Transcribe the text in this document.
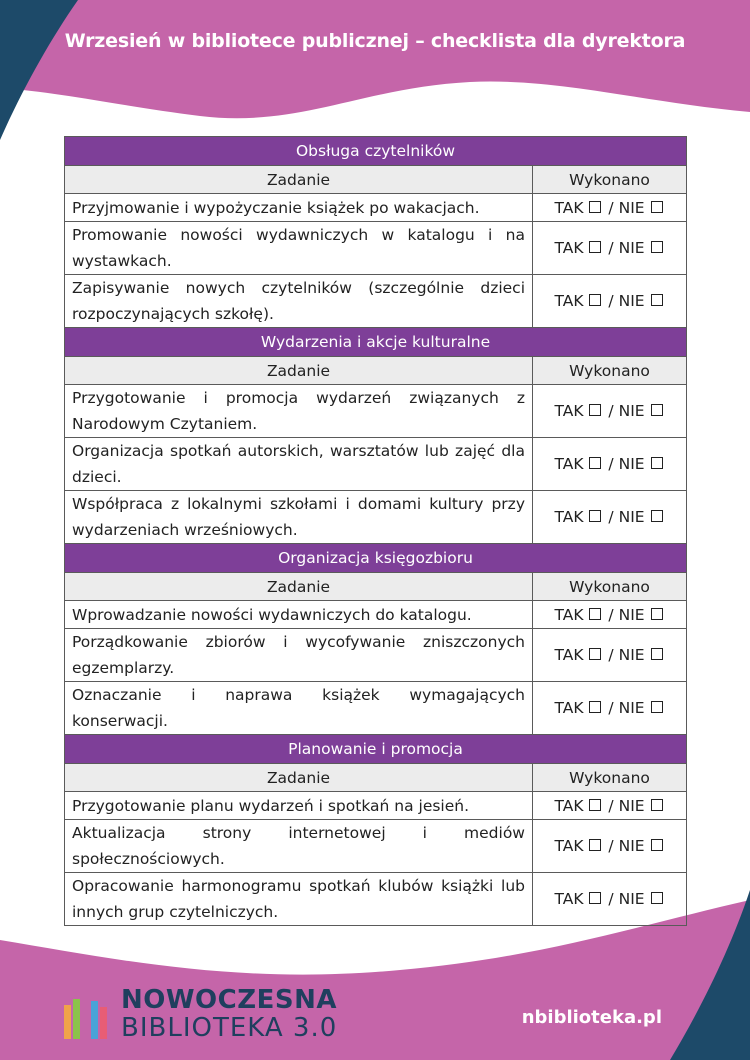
Wrzesień w bibliotece publicznej – checklista dla dyrektora
Obsługa czytelników	
Zadanie	Wykonano
Przyjmowanie i wypożyczanie książek po wakacjach.	TAK / NIE
Promowanie nowości wydawniczych w katalogu i na wystawkach.	TAK / NIE
Zapisywanie nowych czytelników (szczególnie dzieci rozpoczynających szkołę).	TAK / NIE
Wydarzenia i akcje kulturalne	
Zadanie	Wykonano
Przygotowanie i promocja wydarzeń związanych z Narodowym Czytaniem.	TAK / NIE
Organizacja spotkań autorskich, warsztatów lub zajęć dla dzieci.	TAK / NIE
Współpraca z lokalnymi szkołami i domami kultury przy wydarzeniach wrześniowych.	TAK / NIE
Organizacja księgozbioru	
Zadanie	Wykonano
Wprowadzanie nowości wydawniczych do katalogu.	TAK / NIE
Porządkowanie zbiorów i wycofywanie zniszczonych egzemplarzy.	TAK / NIE
Oznaczanie i naprawa książek wymagających konserwacji.	TAK / NIE
Planowanie i promocja	
Zadanie	Wykonano
Przygotowanie planu wydarzeń i spotkań na jesień.	TAK / NIE
Aktualizacja strony internetowej i mediów społecznościowych.	TAK / NIE
Opracowanie harmonogramu spotkań klubów książki lub innych grup czytelniczych.	TAK / NIE
NOWOCZESNA
BIBLIOTEKA 3.0	nbiblioteka.pl
